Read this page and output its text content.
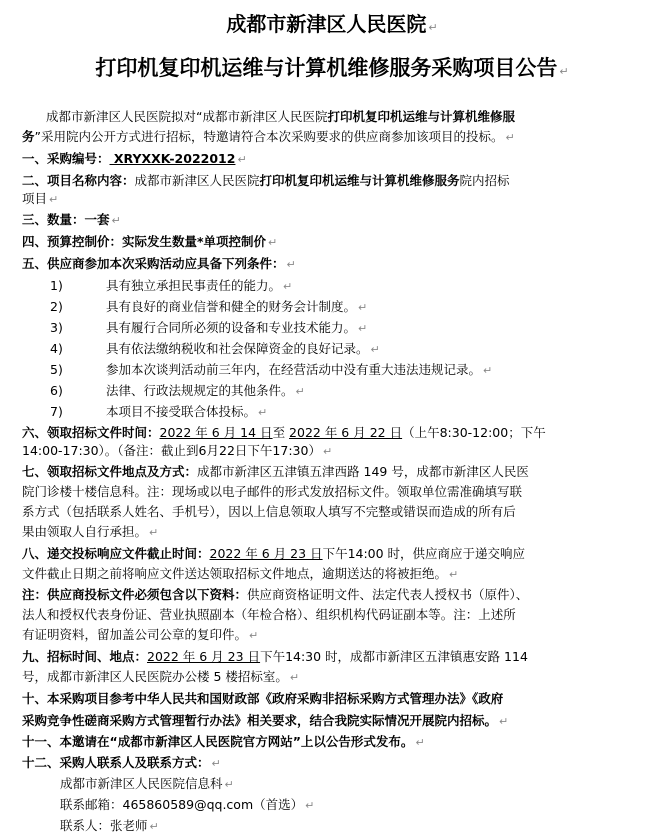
成都市新津区人民医院 ↵
打印机复印机运维与计算机维修服务采购项目公告 ↵
成都市新津区人民医院拟对“成都市新津区人民医院打印机复印机运维与计算机维修服
务”采用院内公开方式进行招标，特邀请符合本次采购要求的供应商参加该项目的投标。 ↵
一、采购编号： XRYXXK-2022012 ↵
二、项目名称内容：成都市新津区人民医院打印机复印机运维与计算机维修服务院内招标
项目 ↵
三、数量：一套 ↵
四、预算控制价：实际发生数量*单项控制价 ↵
五、供应商参加本次采购活动应具备下列条件： ↵
1)	具有独立承担民事责任的能力。 ↵
2)	具有良好的商业信誉和健全的财务会计制度。 ↵
3)	具有履行合同所必须的设备和专业技术能力。 ↵
4)	具有依法缴纳税收和社会保障资金的良好记录。 ↵
5)	参加本次谈判活动前三年内，在经营活动中没有重大违法违规记录。 ↵
6)	法律、行政法规规定的其他条件。 ↵
7)	本项目不接受联合体投标。 ↵
六、领取招标文件时间：2022 年 6 月 14 日至 2022 年 6 月 22 日（上午8:30-12:00；下午
14:00-17:30）。（备注：截止到6月22日下午17:30） ↵
七、领取招标文件地点及方式：成都市新津区五津镇五津西路 149 号，成都市新津区人民医
院门诊楼十楼信息科。注：现场或以电子邮件的形式发放招标文件。领取单位需准确填写联
系方式（包括联系人姓名、手机号），因以上信息领取人填写不完整或错误而造成的所有后
果由领取人自行承担。 ↵
八、递交投标响应文件截止时间：2022 年 6 月 23 日下午14:00 时，供应商应于递交响应
文件截止日期之前将响应文件送达领取招标文件地点，逾期送达的将被拒绝。 ↵
注：供应商投标文件必须包含以下资料：供应商资格证明文件、法定代表人授权书（原件）、
法人和授权代表身份证、营业执照副本（年检合格）、组织机构代码证副本等。注：上述所
有证明资料，留加盖公司公章的复印件。 ↵
九、招标时间、地点：2022 年 6 月 23 日下午14:30 时，成都市新津区五津镇惠安路 114
号，成都市新津区人民医院办公楼 5 楼招标室。 ↵
十、本采购项目参考中华人民共和国财政部《政府采购非招标采购方式管理办法》《政府
采购竞争性磋商采购方式管理暂行办法》相关要求，结合我院实际情况开展院内招标。 ↵
十一、本邀请在“成都市新津区人民医院官方网站”上以公告形式发布。 ↵
十二、采购人联系人及联系方式： ↵
成都市新津区人民医院信息科 ↵
联系邮箱：465860589@qq.com（首选） ↵
联系人：张老师 ↵
